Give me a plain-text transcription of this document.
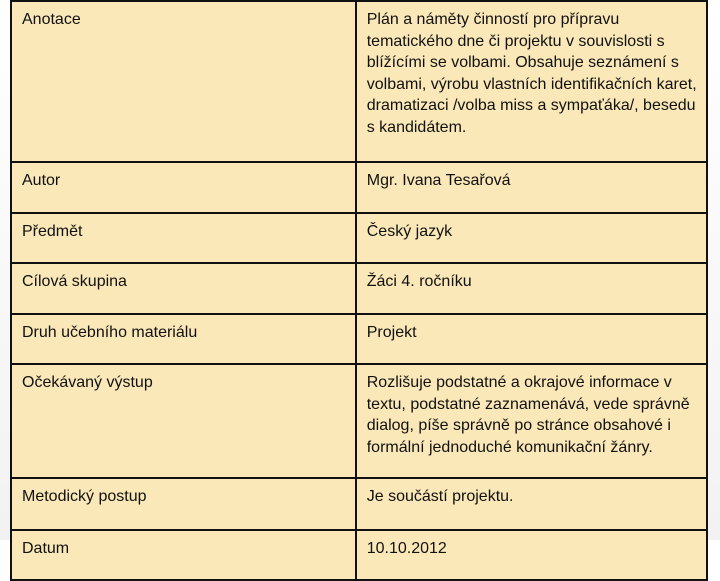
Anotace	Plán a náměty činností pro přípravu tematického dne či projektu v souvislosti s blížícími se volbami. Obsahuje seznámení s volbami, výrobu vlastních identifikačních karet, dramatizaci /volba miss a sympaťáka/, besedu s kandidátem.
Autor	Mgr. Ivana Tesařová
Předmět	Český jazyk
Cílová skupina	Žáci 4. ročníku
Druh učebního materiálu	Projekt
Očekávaný výstup	Rozlišuje podstatné a okrajové informace v textu, podstatné zaznamenává, vede správně dialog, píše správně po stránce obsahové i formální jednoduché komunikační žánry.
Metodický postup	Je součástí projektu.
Datum	10.10.2012
